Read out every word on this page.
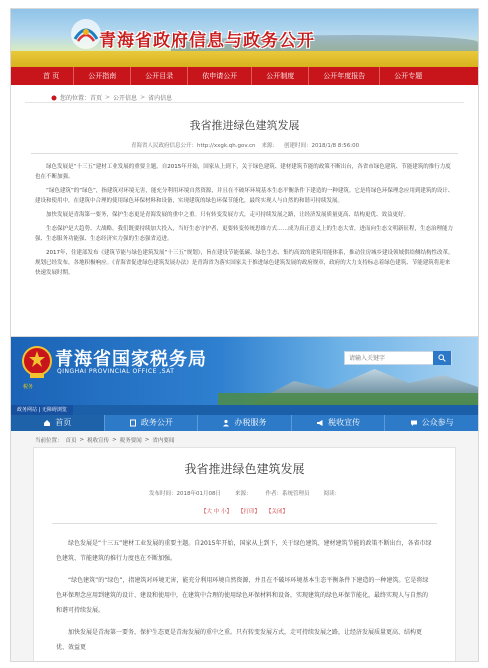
青海省政府信息与政务公开
首 页	公开指南	公开目录	依申请公开	公开制度	公开年度报告	公开专题
您的位置：首页 > 公开信息 > 省内信息
我省推进绿色建筑发展
青海省人民政府信息公开：http://xxgk.qh.gov.cn 来源： 创建时间：2018/1/8 8:56:00

绿色发展是“十三五”建材工业发展的重要主题。自2015年开始，国家从上到下，关于绿色建筑、建材建筑节能的政策不断出台，各省市绿色建筑、节能建筑的推行力度也在不断加强。

“绿色建筑”的“绿色”，指建筑对环境无害，能充分利用环境自然资源，并且在不破坏环境基本生态平衡条件下建造的一种建筑。它是将绿色环保理念应用到建筑的设计、建设和使用中，在建筑中合理的使用绿色环保材料和设备，实现建筑的绿色环保节能化，最终实现人与自然的和谐可持续发展。

加快发展是青海第一要务，保护生态更是青海发展的重中之重。只有转变发展方式，走可持续发展之路，让经济发展质量更高、结构更优、效益更好。

生态保护是大趋势、大战略。我们既要持续加大投入，当好生态守护者，更要转变传统思维方式……成为真正意义上的生态大省，进而向生态文明新征程，生态治理能力强、生态服务功能强、生态经济实力强的生态强省迈进。

2017年，住建部发布《建筑节能与绿色建筑发展“十三五”规划》，旨在建设节能低碳、绿色生态、集约高效的建筑用能体系，推动住房城乡建设领域供给侧结构性改革。规划已经发布，各地积极响应。《青海省促进绿色建筑发展办法》是青海省为落实国家关于推进绿色建筑发展的政府规章，政府的大力支持标志着绿色建筑、节能建筑将迎来快速发展时期。

青海省国家税务局
QINGHAI PROVINCIAL OFFICE ,SAT
税务
请输入关键字
政务网站 | 无障碍浏览
首页	政务公开	办税服务	税收宣传	公众参与
当前位置： 首页 > 税收宣传 > 税务要闻 > 省内要闻
我省推进绿色建筑发展
发布时间：2018年01月08日	来源：	作者：系统管理员	阅读：
【大 中 小】 【打印】 【关闭】

绿色发展是“十三五”建材工业发展的重要主题。自2015年开始，国家从上到下，关于绿色建筑、建材建筑节能的政策不断出台，各省市绿色建筑、节能建筑的推行力度也在不断加强。

“绿色建筑”的“绿色”，指建筑对环境无害，能充分利用环境自然资源，并且在不破坏环境基本生态平衡条件下建造的一种建筑。它是将绿色环保理念应用到建筑的设计、建设和使用中，在建筑中合理的使用绿色环保材料和设备，实现建筑的绿色环保节能化，最终实现人与自然的和谐可持续发展。

加快发展是青海第一要务，保护生态更是青海发展的重中之重。只有转变发展方式，走可持续发展之路，让经济发展质量更高、结构更优、效益更
